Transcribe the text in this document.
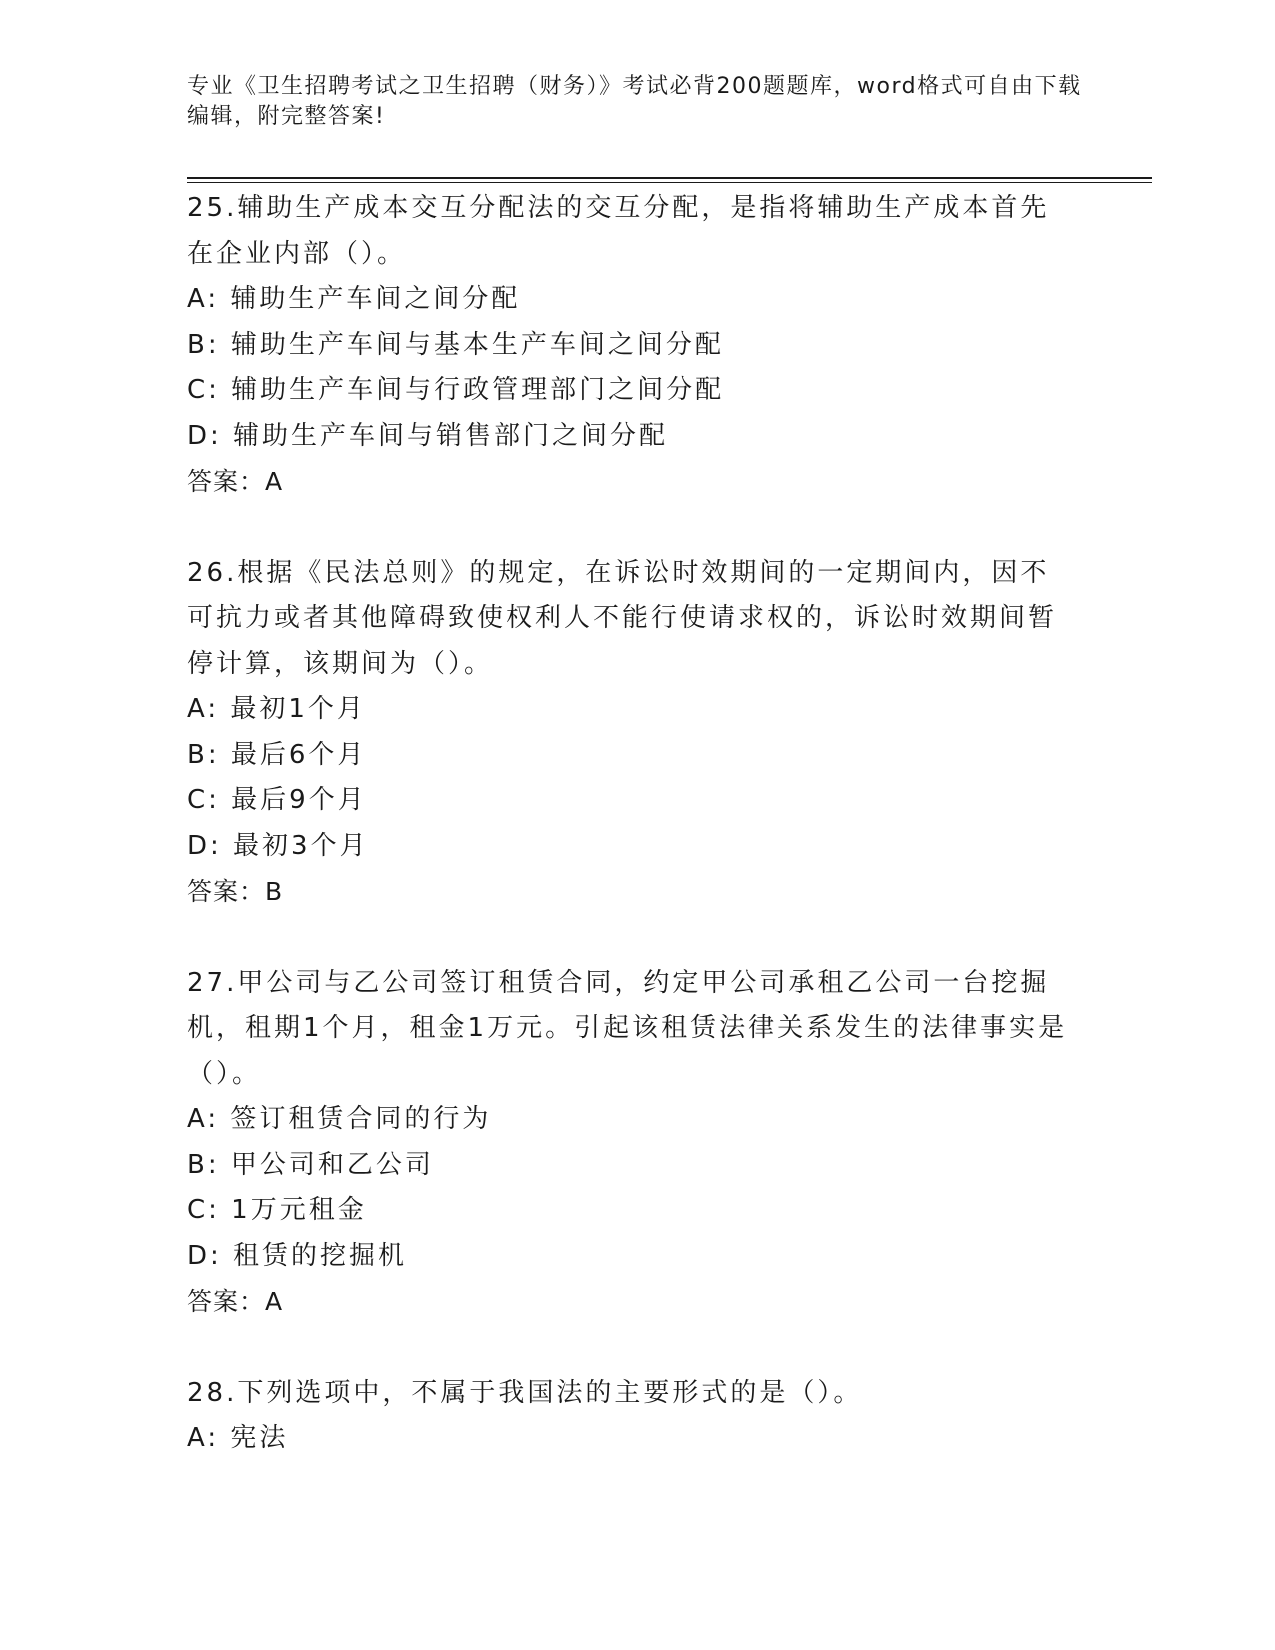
专业《卫生招聘考试之卫生招聘（财务）》考试必背200题题库，word格式可自由下载编辑，附完整答案!

25.辅助生产成本交互分配法的交互分配，是指将辅助生产成本首先在企业内部（）。

A: 辅助生产车间之间分配

B: 辅助生产车间与基本生产车间之间分配

C: 辅助生产车间与行政管理部门之间分配

D: 辅助生产车间与销售部门之间分配

答案：A

26.根据《民法总则》的规定，在诉讼时效期间的一定期间内，因不可抗力或者其他障碍致使权利人不能行使请求权的，诉讼时效期间暂停计算，该期间为（）。

A: 最初1个月

B: 最后6个月

C: 最后9个月

D: 最初3个月

答案：B

27.甲公司与乙公司签订租赁合同，约定甲公司承租乙公司一台挖掘机，租期1个月，租金1万元。引起该租赁法律关系发生的法律事实是（）。

A: 签订租赁合同的行为

B: 甲公司和乙公司

C: 1万元租金

D: 租赁的挖掘机

答案：A

28.下列选项中，不属于我国法的主要形式的是（）。

A: 宪法
